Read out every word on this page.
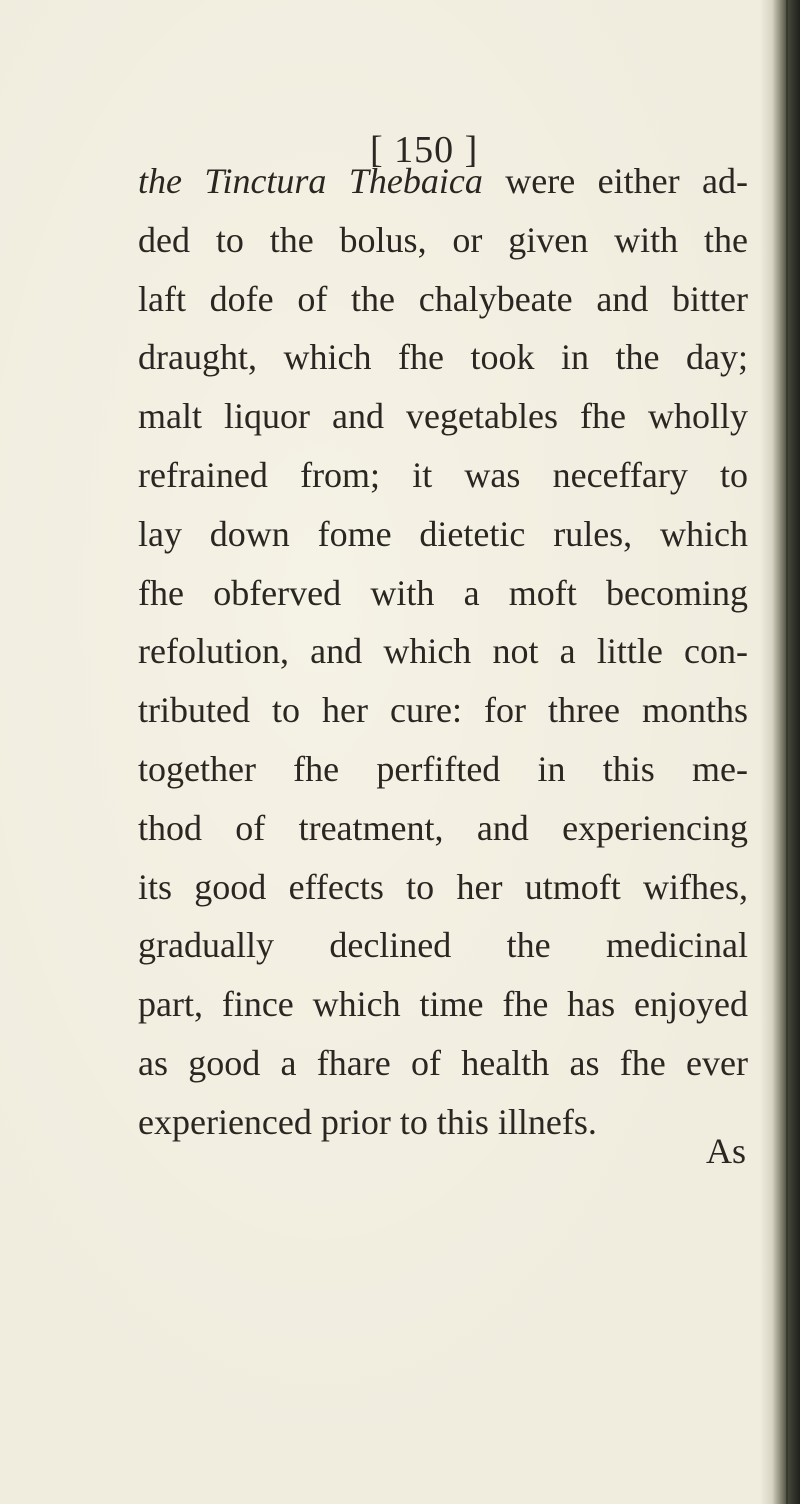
[ 150 ]
the Tinctura Thebaica were either ad-
ded to the bolus, or given with the
laft dofe of the chalybeate and bitter
draught, which fhe took in the day;
malt liquor and vegetables fhe wholly
refrained from; it was neceffary to
lay down fome dietetic rules, which
fhe obferved with a moft becoming
refolution, and which not a little con-
tributed to her cure: for three months
together fhe perfifted in this me-
thod of treatment, and experiencing
its good effects to her utmoft wifhes,
gradually declined the medicinal
part, fince which time fhe has enjoyed
as good a fhare of health as fhe ever
experienced prior to this illnefs.
As
